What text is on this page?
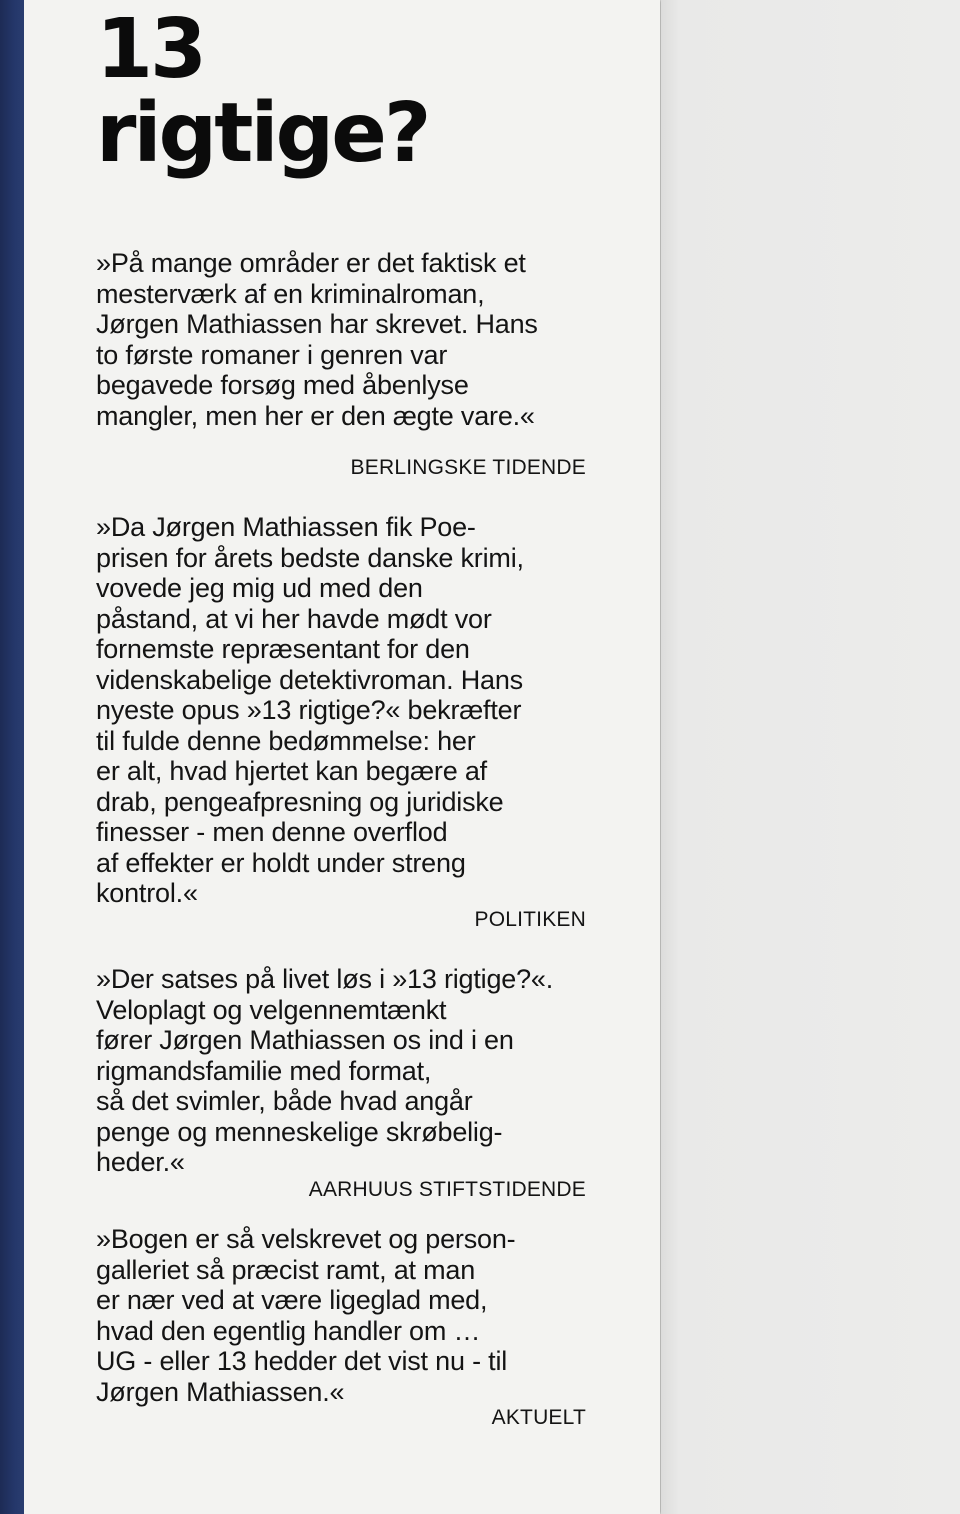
13
rigtige?

»På mange områder er det faktisk et
mesterværk af en kriminalroman,
Jørgen Mathiassen har skrevet. Hans
to første romaner i genren var
begavede forsøg med åbenlyse
mangler, men her er den ægte vare.«

BERLINGSKE TIDENDE

»Da Jørgen Mathiassen fik Poe-
prisen for årets bedste danske krimi,
vovede jeg mig ud med den
påstand, at vi her havde mødt vor
fornemste repræsentant for den
videnskabelige detektivroman. Hans
nyeste opus »13 rigtige?« bekræfter
til fulde denne bedømmelse: her
er alt, hvad hjertet kan begære af
drab, pengeafpresning og juridiske
finesser - men denne overflod
af effekter er holdt under streng
kontrol.«

POLITIKEN

»Der satses på livet løs i »13 rigtige?«.
Veloplagt og velgennemtænkt
fører Jørgen Mathiassen os ind i en
rigmandsfamilie med format,
så det svimler, både hvad angår
penge og menneskelige skrøbelig-
heder.«

AARHUUS STIFTSTIDENDE

»Bogen er så velskrevet og person-
galleriet så præcist ramt, at man
er nær ved at være ligeglad med,
hvad den egentlig handler om …
UG - eller 13 hedder det vist nu - til
Jørgen Mathiassen.«

AKTUELT
